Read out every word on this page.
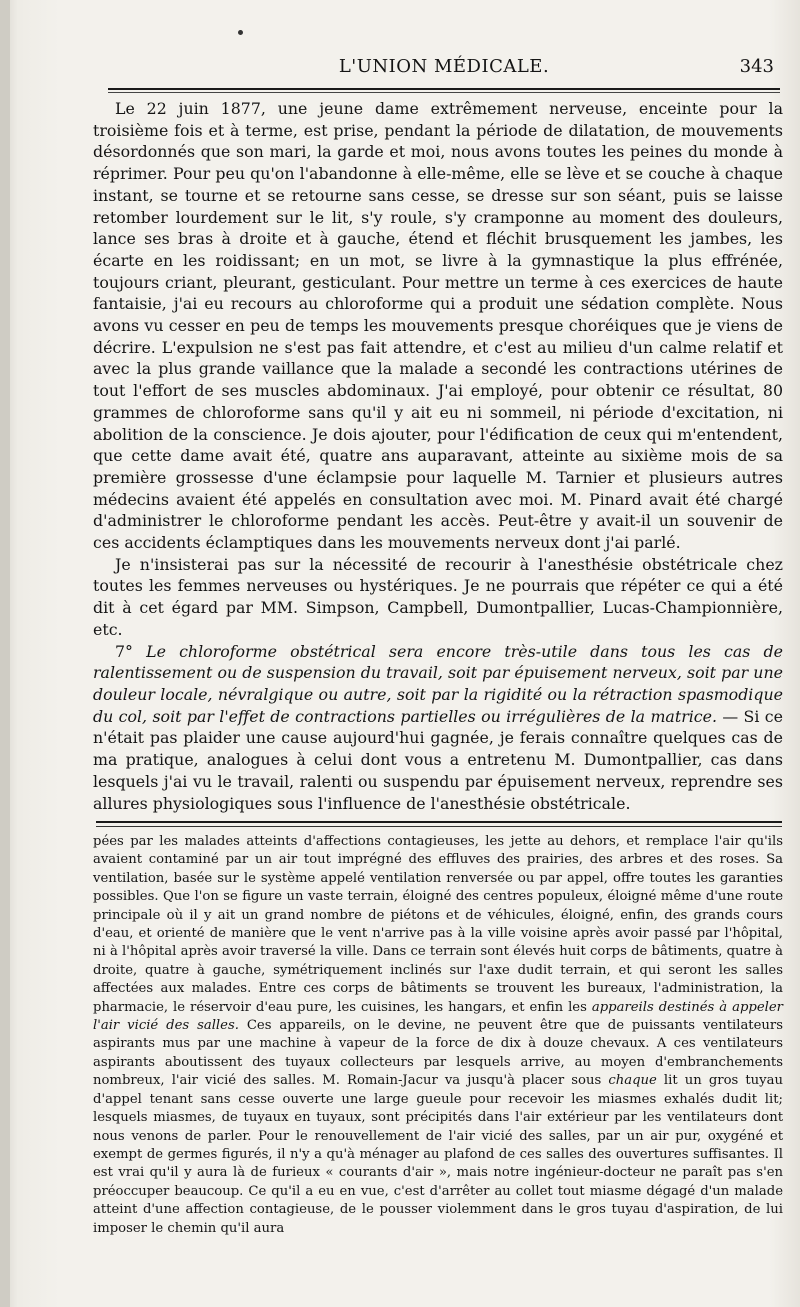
L'UNION MÉDICALE.	343

Le 22 juin 1877, une jeune dame extrêmement nerveuse, enceinte pour la troisième fois et à terme, est prise, pendant la période de dilatation, de mouvements désordonnés que son mari, la garde et moi, nous avons toutes les peines du monde à réprimer. Pour peu qu'on l'abandonne à elle-même, elle se lève et se couche à chaque instant, se tourne et se retourne sans cesse, se dresse sur son séant, puis se laisse retomber lourdement sur le lit, s'y roule, s'y cramponne au moment des douleurs, lance ses bras à droite et à gauche, étend et fléchit brusquement les jambes, les écarte en les roidissant; en un mot, se livre à la gymnastique la plus effrénée, toujours criant, pleurant, gesticulant. Pour mettre un terme à ces exercices de haute fantaisie, j'ai eu recours au chloroforme qui a produit une sédation complète. Nous avons vu cesser en peu de temps les mouvements presque choréiques que je viens de décrire. L'expulsion ne s'est pas fait attendre, et c'est au milieu d'un calme relatif et avec la plus grande vaillance que la malade a secondé les contractions utérines de tout l'effort de ses muscles abdominaux. J'ai employé, pour obtenir ce résultat, 80 grammes de chloroforme sans qu'il y ait eu ni sommeil, ni période d'excitation, ni abolition de la conscience. Je dois ajouter, pour l'édification de ceux qui m'entendent, que cette dame avait été, quatre ans auparavant, atteinte au sixième mois de sa première grossesse d'une éclampsie pour laquelle M. Tarnier et plusieurs autres médecins avaient été appelés en consultation avec moi. M. Pinard avait été chargé d'administrer le chloroforme pendant les accès. Peut-être y avait-il un souvenir de ces accidents éclamptiques dans les mouvements nerveux dont j'ai parlé.

Je n'insisterai pas sur la nécessité de recourir à l'anesthésie obstétricale chez toutes les femmes nerveuses ou hystériques. Je ne pourrais que répéter ce qui a été dit à cet égard par MM. Simpson, Campbell, Dumontpallier, Lucas-Championnière, etc.

7° Le chloroforme obstétrical sera encore très-utile dans tous les cas de ralentissement ou de suspension du travail, soit par épuisement nerveux, soit par une douleur locale, névralgique ou autre, soit par la rigidité ou la rétraction spasmodique du col, soit par l'effet de contractions partielles ou irrégulières de la matrice. — Si ce n'était pas plaider une cause aujourd'hui gagnée, je ferais connaître quelques cas de ma pratique, analogues à celui dont vous a entretenu M. Dumontpallier, cas dans lesquels j'ai vu le travail, ralenti ou suspendu par épuisement nerveux, reprendre ses allures physiologiques sous l'influence de l'anesthésie obstétricale.

pées par les malades atteints d'affections contagieuses, les jette au dehors, et remplace l'air qu'ils avaient contaminé par un air tout imprégné des effluves des prairies, des arbres et des roses. Sa ventilation, basée sur le système appelé ventilation renversée ou par appel, offre toutes les garanties possibles. Que l'on se figure un vaste terrain, éloigné des centres populeux, éloigné même d'une route principale où il y ait un grand nombre de piétons et de véhicules, éloigné, enfin, des grands cours d'eau, et orienté de manière que le vent n'arrive pas à la ville voisine après avoir passé par l'hôpital, ni à l'hôpital après avoir traversé la ville. Dans ce terrain sont élevés huit corps de bâtiments, quatre à droite, quatre à gauche, symétriquement inclinés sur l'axe dudit terrain, et qui seront les salles affectées aux malades. Entre ces corps de bâtiments se trouvent les bureaux, l'administration, la pharmacie, le réservoir d'eau pure, les cuisines, les hangars, et enfin les appareils destinés à appeler l'air vicié des salles. Ces appareils, on le devine, ne peuvent être que de puissants ventilateurs aspirants mus par une machine à vapeur de la force de dix à douze chevaux. A ces ventilateurs aspirants aboutissent des tuyaux collecteurs par lesquels arrive, au moyen d'embranchements nombreux, l'air vicié des salles. M. Romain-Jacur va jusqu'à placer sous chaque lit un gros tuyau d'appel tenant sans cesse ouverte une large gueule pour recevoir les miasmes exhalés dudit lit; lesquels miasmes, de tuyaux en tuyaux, sont précipités dans l'air extérieur par les ventilateurs dont nous venons de parler. Pour le renouvellement de l'air vicié des salles, par un air pur, oxygéné et exempt de germes figurés, il n'y a qu'à ménager au plafond de ces salles des ouvertures suffisantes. Il est vrai qu'il y aura là de furieux « courants d'air », mais notre ingénieur-docteur ne paraît pas s'en préoccuper beaucoup. Ce qu'il a eu en vue, c'est d'arrêter au collet tout miasme dégagé d'un malade atteint d'une affection contagieuse, de le pousser violemment dans le gros tuyau d'aspiration, de lui imposer le chemin qu'il aura
